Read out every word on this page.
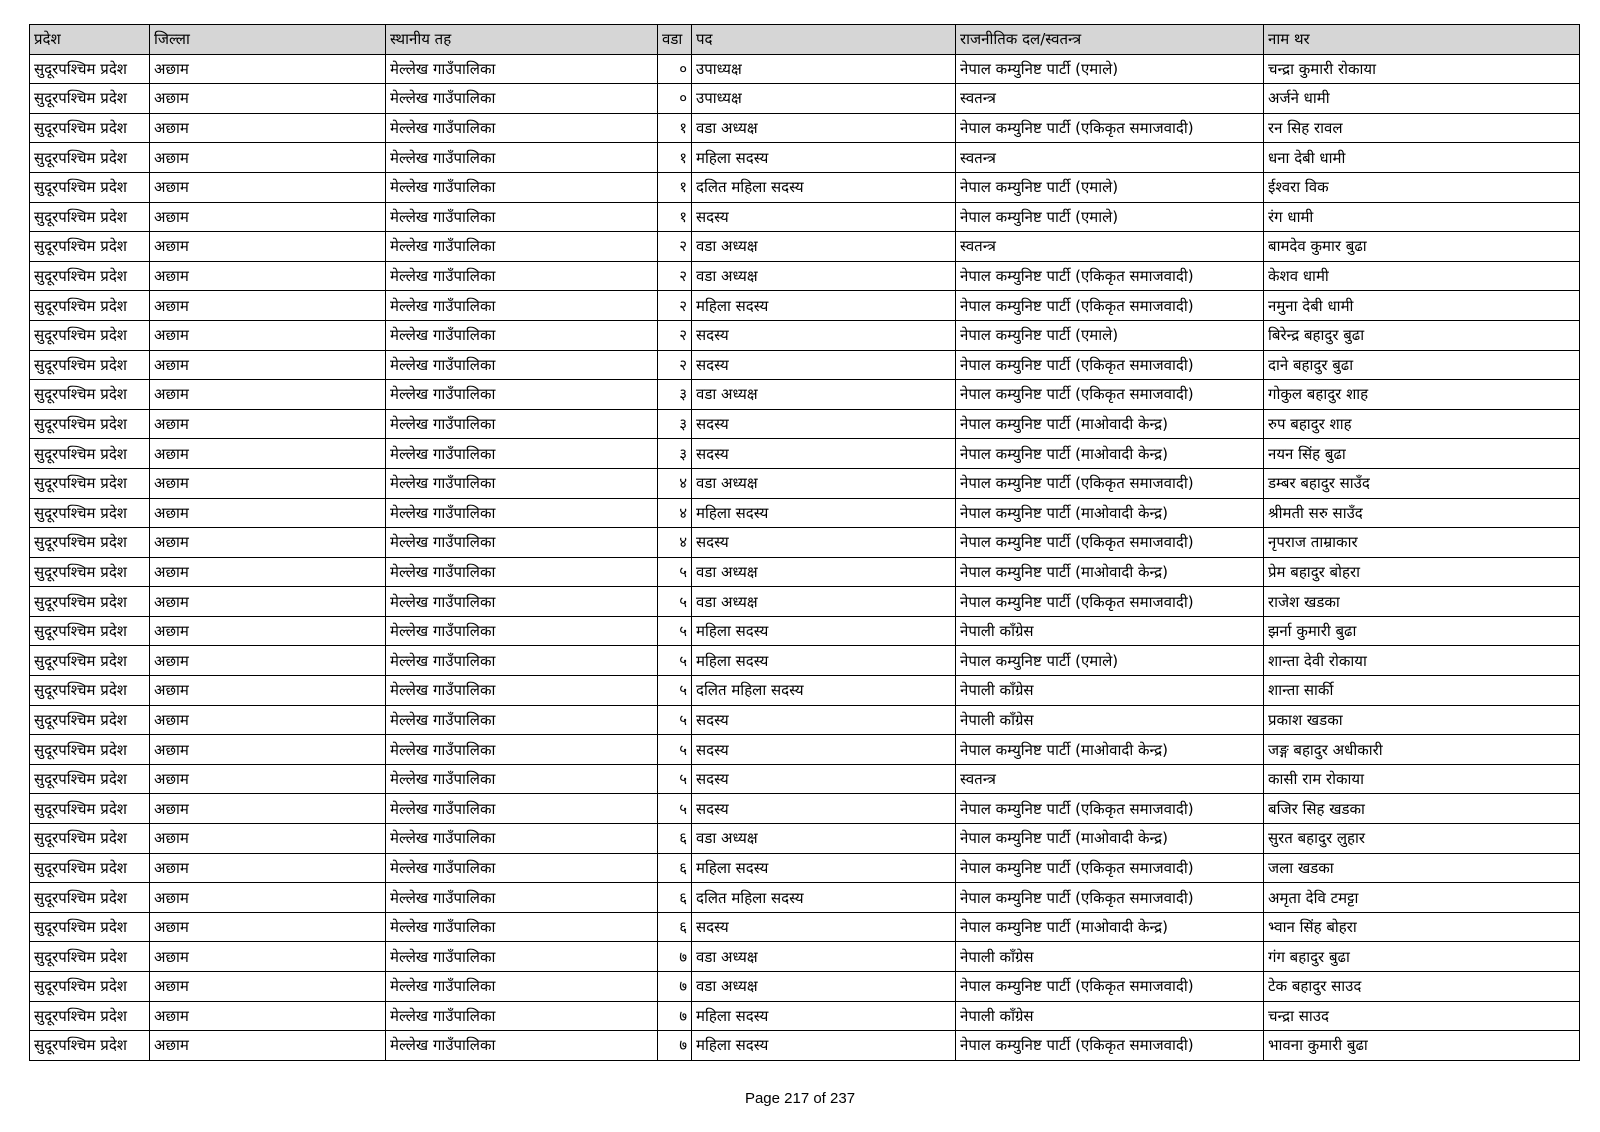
प्रदेश	जिल्ला	स्थानीय तह	वडा	पद	राजनीतिक दल/स्वतन्त्र	नाम थर
सुदूरपश्चिम प्रदेश	अछाम	मेल्लेख गाउँपालिका	०	उपाध्यक्ष	नेपाल कम्युनिष्ट पार्टी (एमाले)	चन्द्रा कुमारी रोकाया
सुदूरपश्चिम प्रदेश	अछाम	मेल्लेख गाउँपालिका	०	उपाध्यक्ष	स्वतन्त्र	अर्जने धामी
सुदूरपश्चिम प्रदेश	अछाम	मेल्लेख गाउँपालिका	१	वडा अध्यक्ष	नेपाल कम्युनिष्ट पार्टी (एकिकृत समाजवादी)	रन सिह रावल
सुदूरपश्चिम प्रदेश	अछाम	मेल्लेख गाउँपालिका	१	महिला सदस्य	स्वतन्त्र	धना देबी धामी
सुदूरपश्चिम प्रदेश	अछाम	मेल्लेख गाउँपालिका	१	दलित महिला सदस्य	नेपाल कम्युनिष्ट पार्टी (एमाले)	ईश्वरा विक
सुदूरपश्चिम प्रदेश	अछाम	मेल्लेख गाउँपालिका	१	सदस्य	नेपाल कम्युनिष्ट पार्टी (एमाले)	रंग धामी
सुदूरपश्चिम प्रदेश	अछाम	मेल्लेख गाउँपालिका	२	वडा अध्यक्ष	स्वतन्त्र	बामदेव कुमार बुढा
सुदूरपश्चिम प्रदेश	अछाम	मेल्लेख गाउँपालिका	२	वडा अध्यक्ष	नेपाल कम्युनिष्ट पार्टी (एकिकृत समाजवादी)	केशव धामी
सुदूरपश्चिम प्रदेश	अछाम	मेल्लेख गाउँपालिका	२	महिला सदस्य	नेपाल कम्युनिष्ट पार्टी (एकिकृत समाजवादी)	नमुना देबी धामी
सुदूरपश्चिम प्रदेश	अछाम	मेल्लेख गाउँपालिका	२	सदस्य	नेपाल कम्युनिष्ट पार्टी (एमाले)	बिरेन्द्र बहादुर बुढा
सुदूरपश्चिम प्रदेश	अछाम	मेल्लेख गाउँपालिका	२	सदस्य	नेपाल कम्युनिष्ट पार्टी (एकिकृत समाजवादी)	दाने बहादुर बुढा
सुदूरपश्चिम प्रदेश	अछाम	मेल्लेख गाउँपालिका	३	वडा अध्यक्ष	नेपाल कम्युनिष्ट पार्टी (एकिकृत समाजवादी)	गोकुल बहादुर शाह
सुदूरपश्चिम प्रदेश	अछाम	मेल्लेख गाउँपालिका	३	सदस्य	नेपाल कम्युनिष्ट पार्टी (माओवादी केन्द्र)	रुप बहादुर शाह
सुदूरपश्चिम प्रदेश	अछाम	मेल्लेख गाउँपालिका	३	सदस्य	नेपाल कम्युनिष्ट पार्टी (माओवादी केन्द्र)	नयन सिंह बुढा
सुदूरपश्चिम प्रदेश	अछाम	मेल्लेख गाउँपालिका	४	वडा अध्यक्ष	नेपाल कम्युनिष्ट पार्टी (एकिकृत समाजवादी)	डम्बर बहादुर साउँद
सुदूरपश्चिम प्रदेश	अछाम	मेल्लेख गाउँपालिका	४	महिला सदस्य	नेपाल कम्युनिष्ट पार्टी (माओवादी केन्द्र)	श्रीमती सरु साउँद
सुदूरपश्चिम प्रदेश	अछाम	मेल्लेख गाउँपालिका	४	सदस्य	नेपाल कम्युनिष्ट पार्टी (एकिकृत समाजवादी)	नृपराज ताम्राकार
सुदूरपश्चिम प्रदेश	अछाम	मेल्लेख गाउँपालिका	५	वडा अध्यक्ष	नेपाल कम्युनिष्ट पार्टी (माओवादी केन्द्र)	प्रेम बहादुर बोहरा
सुदूरपश्चिम प्रदेश	अछाम	मेल्लेख गाउँपालिका	५	वडा अध्यक्ष	नेपाल कम्युनिष्ट पार्टी (एकिकृत समाजवादी)	राजेश खडका
सुदूरपश्चिम प्रदेश	अछाम	मेल्लेख गाउँपालिका	५	महिला सदस्य	नेपाली काँग्रेस	झर्ना कुमारी बुढा
सुदूरपश्चिम प्रदेश	अछाम	मेल्लेख गाउँपालिका	५	महिला सदस्य	नेपाल कम्युनिष्ट पार्टी (एमाले)	शान्ता देवी रोकाया
सुदूरपश्चिम प्रदेश	अछाम	मेल्लेख गाउँपालिका	५	दलित महिला सदस्य	नेपाली काँग्रेस	शान्ता सार्की
सुदूरपश्चिम प्रदेश	अछाम	मेल्लेख गाउँपालिका	५	सदस्य	नेपाली काँग्रेस	प्रकाश खडका
सुदूरपश्चिम प्रदेश	अछाम	मेल्लेख गाउँपालिका	५	सदस्य	नेपाल कम्युनिष्ट पार्टी (माओवादी केन्द्र)	जङ्ग बहादुर अधीकारी
सुदूरपश्चिम प्रदेश	अछाम	मेल्लेख गाउँपालिका	५	सदस्य	स्वतन्त्र	कासी राम रोकाया
सुदूरपश्चिम प्रदेश	अछाम	मेल्लेख गाउँपालिका	५	सदस्य	नेपाल कम्युनिष्ट पार्टी (एकिकृत समाजवादी)	बजिर सिह खडका
सुदूरपश्चिम प्रदेश	अछाम	मेल्लेख गाउँपालिका	६	वडा अध्यक्ष	नेपाल कम्युनिष्ट पार्टी (माओवादी केन्द्र)	सुरत बहादुर लुहार
सुदूरपश्चिम प्रदेश	अछाम	मेल्लेख गाउँपालिका	६	महिला सदस्य	नेपाल कम्युनिष्ट पार्टी (एकिकृत समाजवादी)	जला खडका
सुदूरपश्चिम प्रदेश	अछाम	मेल्लेख गाउँपालिका	६	दलित महिला सदस्य	नेपाल कम्युनिष्ट पार्टी (एकिकृत समाजवादी)	अमृता देवि टमट्टा
सुदूरपश्चिम प्रदेश	अछाम	मेल्लेख गाउँपालिका	६	सदस्य	नेपाल कम्युनिष्ट पार्टी (माओवादी केन्द्र)	भ्वान सिंह बोहरा
सुदूरपश्चिम प्रदेश	अछाम	मेल्लेख गाउँपालिका	७	वडा अध्यक्ष	नेपाली काँग्रेस	गंग बहादुर बुढा
सुदूरपश्चिम प्रदेश	अछाम	मेल्लेख गाउँपालिका	७	वडा अध्यक्ष	नेपाल कम्युनिष्ट पार्टी (एकिकृत समाजवादी)	टेक बहादुर साउद
सुदूरपश्चिम प्रदेश	अछाम	मेल्लेख गाउँपालिका	७	महिला सदस्य	नेपाली काँग्रेस	चन्द्रा साउद
सुदूरपश्चिम प्रदेश	अछाम	मेल्लेख गाउँपालिका	७	महिला सदस्य	नेपाल कम्युनिष्ट पार्टी (एकिकृत समाजवादी)	भावना कुमारी बुढा
Page 217 of 237
